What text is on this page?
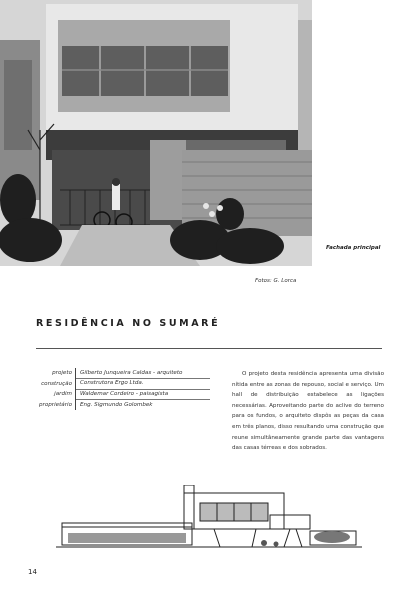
Fachada principal
Fotos: G. Lorca
RESIDÊNCIA NO SUMARÉ
projeto	Gilberto Junqueira Caldas - arquiteto
construção	Construtora Ergo Ltda.
jardim	Waldemar Cordeiro - paisagista
proprietário	Eng. Sigmundo Golombek

O projeto desta residência apresenta uma divisão nítida entre as zonas de repouso, social e serviço. Um hall de distribuição estabelece as ligações necessárias. Aproveitando parte do aclive do terreno para os fundos, o arquiteto dispôs as peças da casa em três planos, disso resultando uma construção que reune simultâneamente grande parte das vantagens das casas térreas e dos sobrados.

14
